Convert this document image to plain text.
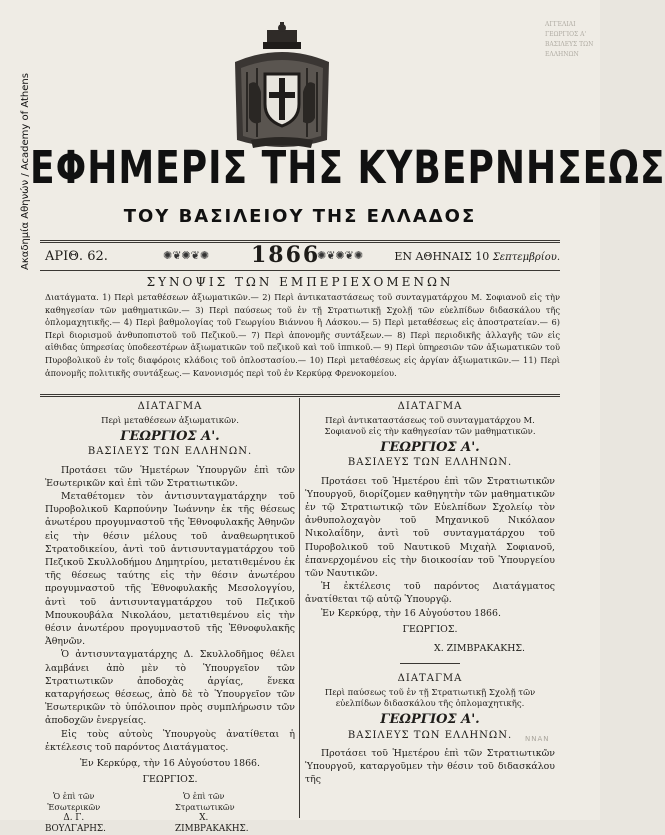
Ακαδημία Αθηνών / Academy of Athens
ΑΓΓΕΛΙΑΙ
ΓΕΩΡΓΙΟΣ Α'
ΒΑΣΙΛΕΥΣ ΤΩΝ ΕΛΛΗΝΩΝ
ΝΝΑΝ
ΕΦΗΜΕΡΙΣ ΤΗΣ ΚΥΒΕΡΝΗΣΕΩΣ
ΤΟΥ ΒΑΣΙΛΕΙΟΥ ΤΗΣ ΕΛΛΑΔΟΣ
ΑΡΙΘ. 62.	✺❦✺❦✺ 1866
✺❦✺❦✺	ΕΝ ΑΘΗΝΑΙΣ 10 Σεπτεμβρίου.
ΣΥΝΟΨΙΣ ΤΩΝ ΕΜΠΕΡΙΕΧΟΜΕΝΩΝ
Διατάγματα. 1) Περὶ μεταθέσεων ἀξιωματικῶν.— 2) Περὶ ἀντικαταστάσεως τοῦ συνταγματάρχου Μ. Σοφιανοῦ εἰς τὴν καθηγεσίαν τῶν μαθηματικῶν.— 3) Περὶ παύσεως τοῦ ἐν τῇ Στρατιωτικῇ Σχολῇ τῶν εὐελπίδων διδασκάλου τῆς ὁπλομαχητικῆς.— 4) Περὶ βαθμολογίας τοῦ Γεωργίου Βιάννου ἢ Λάσκου.— 5) Περὶ μεταθέσεως εἰς ἀποστρατείαν.— 6) Περὶ διορισμοῦ ἀνθυποπιστοῦ τοῦ Πεζικοῦ.— 7) Περὶ ἀπονομῆς συντάξεων.— 8) Περὶ περιοδικῆς ἀλλαγῆς τῶν εἰς αἰθιδας ὑπηρεσίας ὑποδεεστέρων ἀξιωματικῶν τοῦ πεζικοῦ καὶ τοῦ ἱππικοῦ.— 9) Περὶ ὑπηρεσιῶν τῶν ἀξιωματικῶν τοῦ Πυροβολικοῦ ἐν τοῖς διαφόροις κλάδοις τοῦ ὁπλοστασίου.— 10) Περὶ μεταθέσεως εἰς ἀργίαν ἀξιωματικῶν.— 11) Περὶ ἀπονομῆς πολιτικῆς συντάξεως.— Κανονισμός περὶ τοῦ ἐν Κερκύρᾳ Φρενοκομείου.
ΔΙΑΤΑΓΜΑ
Περὶ μεταθέσεων ἀξιωματικῶν.
ΓΕΩΡΓΙΟΣ Α'.
ΒΑΣΙΛΕΥΣ ΤΩΝ ΕΛΛΗΝΩΝ.

Προτάσει τῶν Ἡμετέρων Ὑπουργῶν ἐπὶ τῶν Ἐσωτερικῶν καὶ ἐπὶ τῶν Στρατιωτικῶν.

Μεταθέτομεν τὸν ἀντισυνταγματάρχην τοῦ Πυροβολικοῦ Καρπούνην Ἰωάννην ἐκ τῆς θέσεως ἀνωτέρου προγυμναστοῦ τῆς Ἐθνοφυλακῆς Ἀθηνῶν εἰς τὴν θέσιν μέλους τοῦ ἀναθεωρητικοῦ Στρατοδικείου, ἀντὶ τοῦ ἀντισυνταγματάρχου τοῦ Πεζικοῦ Σκυλλοδήμου Δημητρίου, μετατιθεμένου ἐκ τῆς θέσεως ταύτης εἰς τὴν θέσιν ἀνωτέρου προγυμναστοῦ τῆς Ἐθνοφυλακῆς Μεσολογγίου, ἀντὶ τοῦ ἀντισυνταγματάρχου τοῦ Πεζικοῦ Μπουκουβάλα Νικολάου, μετατιθεμένου εἰς τὴν θέσιν ἀνωτέρου προγυμναστοῦ τῆς Ἐθνοφυλακῆς Ἀθηνῶν.

Ὁ ἀντισυνταγματάρχης Δ. Σκυλλοδῆμος θέλει λαμβάνει ἀπὸ μὲν τὸ Ὑπουργεῖον τῶν Στρατιωτικῶν ἀποδοχὰς ἀργίας, ἕνεκα καταργήσεως θέσεως, ἀπὸ δὲ τὸ Ὑπουργεῖον τῶν Ἐσωτερικῶν τὸ ὑπόλοιπον πρὸς συμπλήρωσιν τῶν ἀποδοχῶν ἐνεργείας.

Εἰς τοὺς αὐτοὺς Ὑπουργοὺς ἀνατίθεται ἡ ἐκτέλεσις τοῦ παρόντος Διατάγματος.

Ἐν Κερκύρᾳ, τὴν 16 Αὐγούστου 1866.

ΓΕΩΡΓΙΟΣ.

Ὁ ἐπὶ τῶν Ἐσωτερικῶν
Δ. Γ. ΒΟΥΛΓΑΡΗΣ.
Ὁ ἐπὶ τῶν Στρατιωτικῶν
Χ. ΖΙΜΒΡΑΚΑΚΗΣ.
ΔΙΑΤΑΓΜΑ
Περὶ ἀντικαταστάσεως τοῦ συνταγματάρχου Μ. Σοφιανοῦ εἰς τὴν καθηγεσίαν τῶν μαθηματικῶν.
ΓΕΩΡΓΙΟΣ Α'.
ΒΑΣΙΛΕΥΣ ΤΩΝ ΕΛΛΗΝΩΝ.

Προτάσει τοῦ Ἡμετέρου ἐπὶ τῶν Στρατιωτικῶν Ὑπουργοῦ, διορίζομεν καθηγητὴν τῶν μαθηματικῶν ἐν τῷ Στρατιωτικῷ τῶν Εὐελπίδων Σχολείῳ τὸν ἀνθυπολοχαγὸν τοῦ Μηχανικοῦ Νικόλαον Νικολαΐδην, ἀντὶ τοῦ συνταγματάρχου τοῦ Πυροβολικοῦ τοῦ Ναυτικοῦ Μιχαὴλ Σοφιανοῦ, ἐπανερχομένου εἰς τὴν διοικοσίαν τοῦ Ὑπουργείου τῶν Ναυτικῶν.

Ἡ ἐκτέλεσις τοῦ παρόντος Διατάγματος ἀνατίθεται τῷ αὐτῷ Ὑπουργῷ.

Ἐν Κερκύρᾳ, τὴν 16 Αὐγούστου 1866.

ΓΕΩΡΓΙΟΣ.

Χ. ΖΙΜΒΡΑΚΑΚΗΣ.

ΔΙΑΤΑΓΜΑ
Περὶ παύσεως τοῦ ἐν τῇ Στρατιωτικῇ Σχολῇ τῶν εὐελπίδων διδασκάλου τῆς ὁπλομαχητικῆς.
ΓΕΩΡΓΙΟΣ Α'.
ΒΑΣΙΛΕΥΣ ΤΩΝ ΕΛΛΗΝΩΝ.

Προτάσει τοῦ Ἡμετέρου ἐπὶ τῶν Στρατιωτικῶν Ὑπουργοῦ, καταργοῦμεν τὴν θέσιν τοῦ διδασκάλου τῆς
